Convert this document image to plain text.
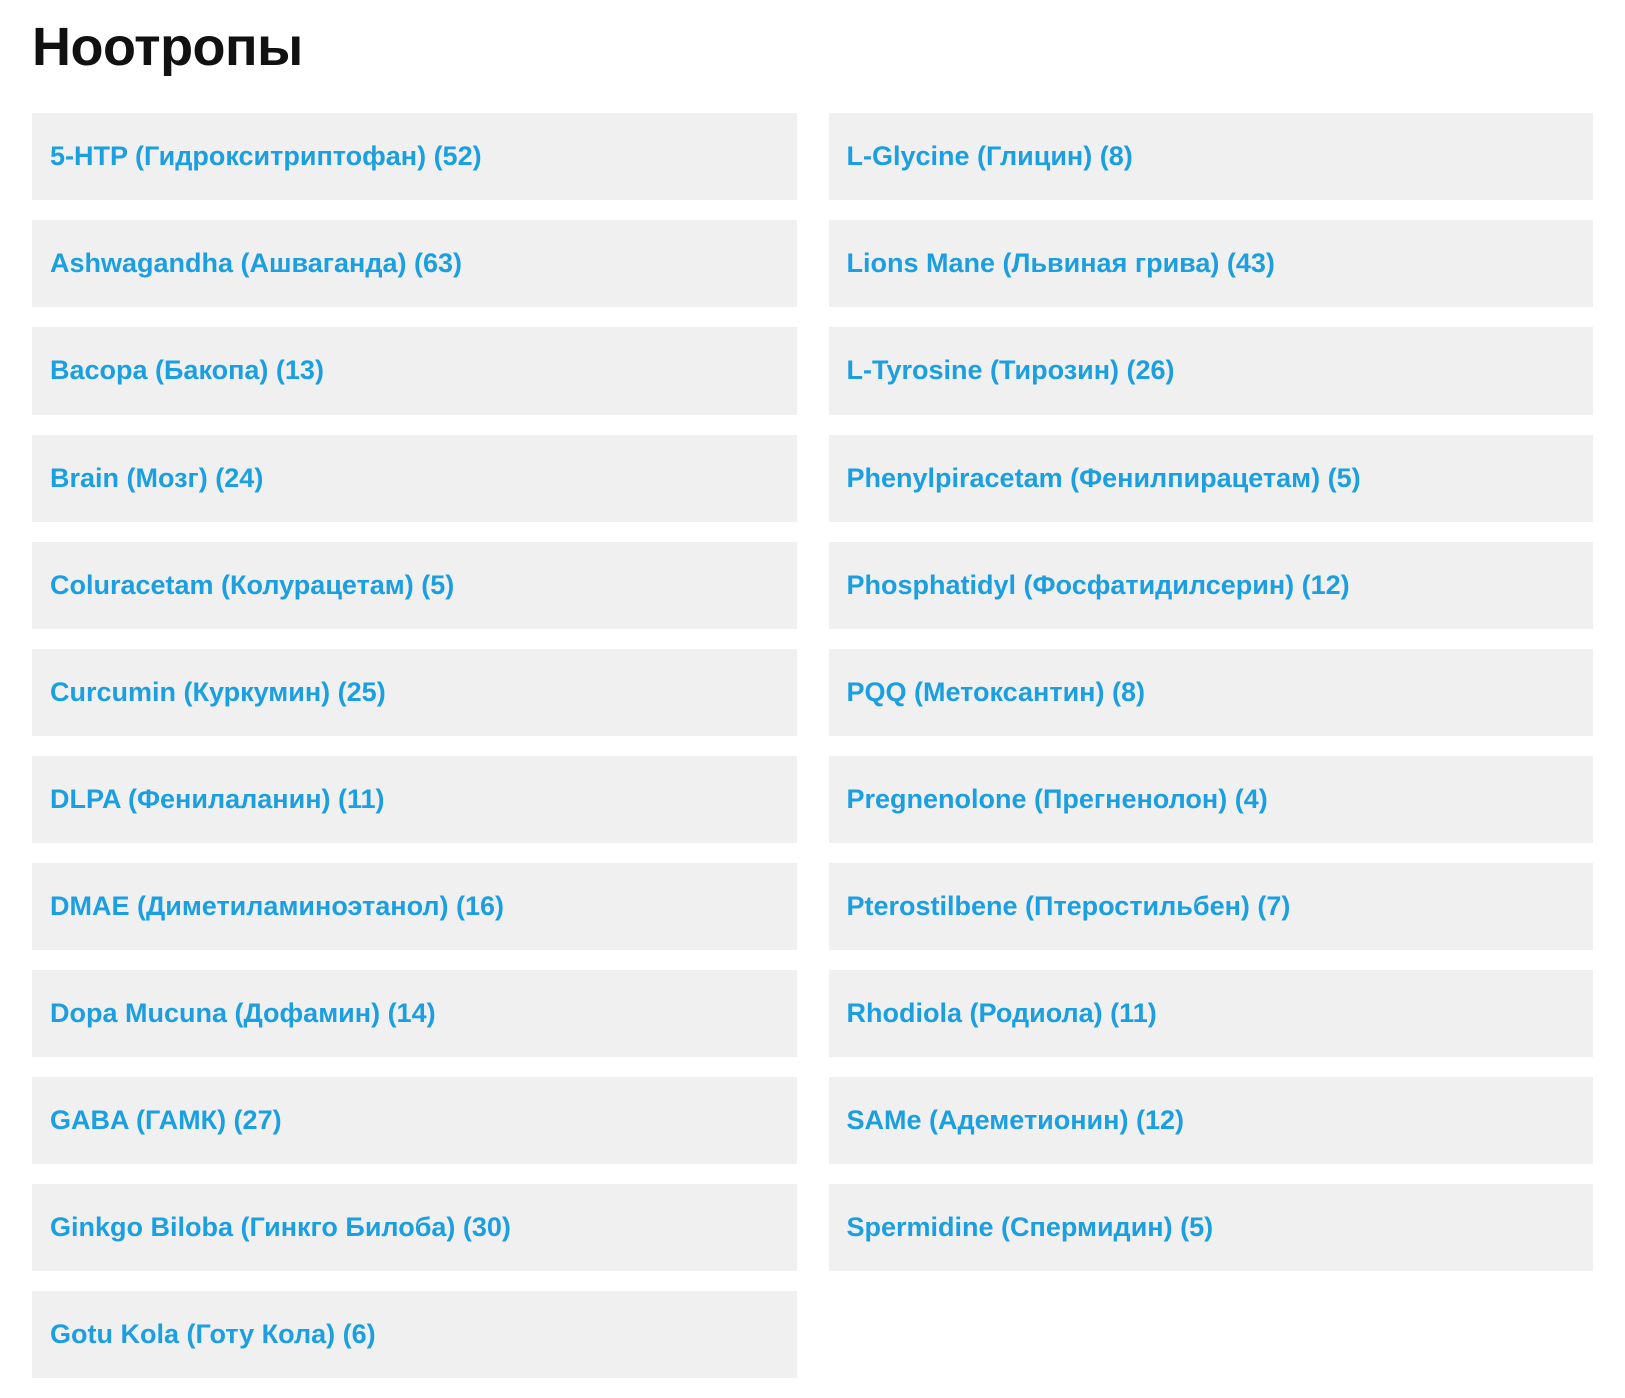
Ноотропы
5-HTP (Гидрокситриптофан) (52)
Ashwagandha (Ашваганда) (63)
Bacopa (Бакопа) (13)
Brain (Мозг) (24)
Coluracetam (Колурацетам) (5)
Curcumin (Куркумин) (25)
DLPA (Фенилаланин) (11)
DMAE (Диметиламиноэтанол) (16)
Dopa Mucuna (Дофамин) (14)
GABA (ГАМК) (27)
Ginkgo Biloba (Гинкго Билоба) (30)
Gotu Kola (Готу Кола) (6)
L-Glycine (Глицин) (8)
Lions Mane (Львиная грива) (43)
L-Tyrosine (Тирозин) (26)
Phenylpiracetam (Фенилпирацетам) (5)
Phosphatidyl (Фосфатидилсерин) (12)
PQQ (Метоксантин) (8)
Pregnenolone (Прегненолон) (4)
Pterostilbene (Птеростильбен) (7)
Rhodiola (Родиола) (11)
SAMe (Адеметионин) (12)
Spermidine (Спермидин) (5)
